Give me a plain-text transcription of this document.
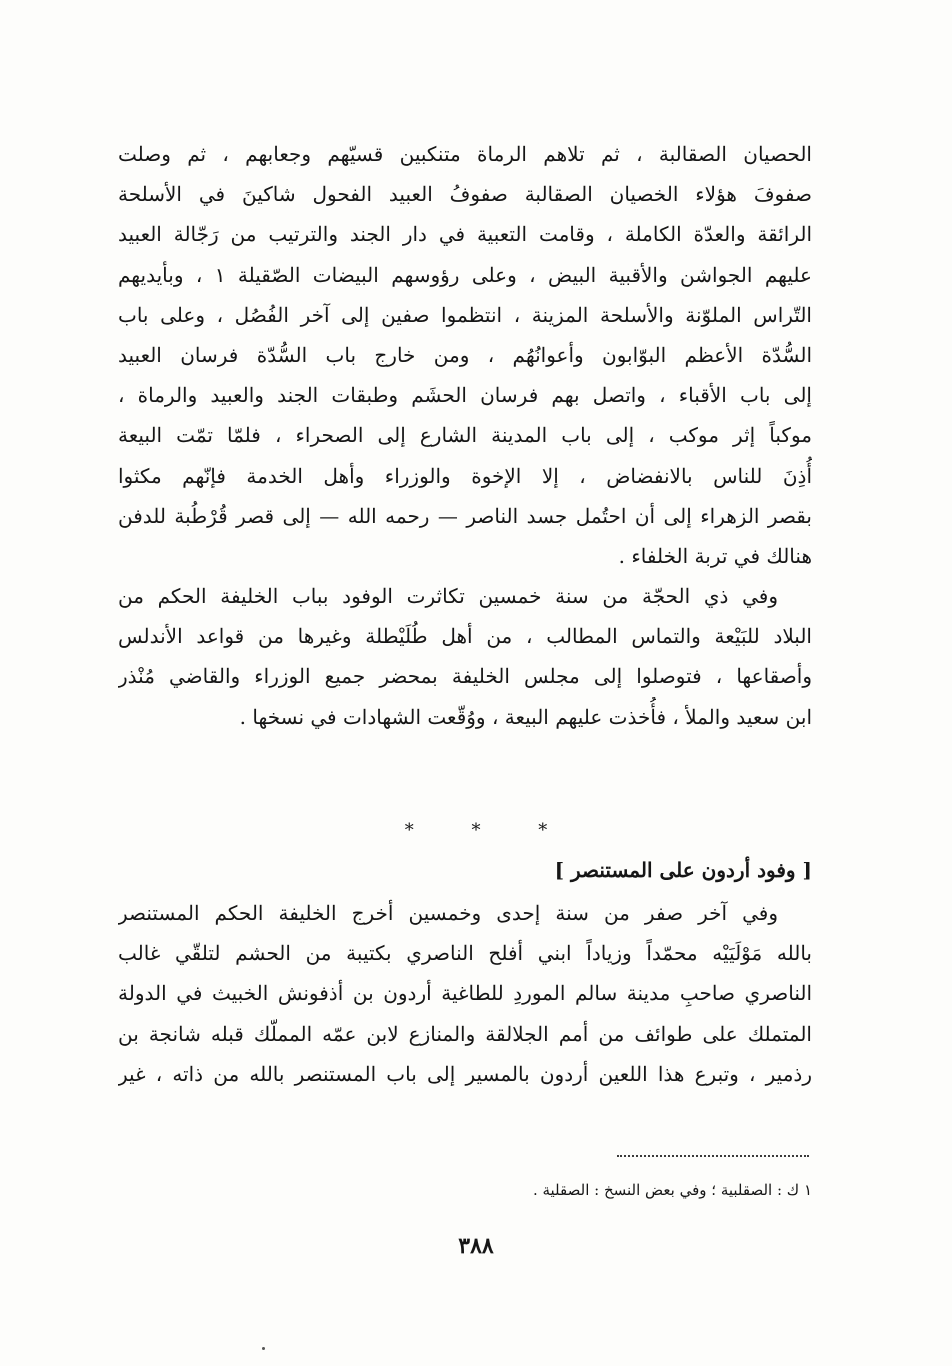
الحصيان الصقالبة ، ثم تلاهم الرماة متنكبين قسيّهم وجعابهم ، ثم وصلت
صفوفَ هؤلاء الخصيان الصقالبة صفوفُ العبيد الفحول شاكينَ في الأسلحة
الرائقة والعدّة الكاملة ، وقامت التعبية في دار الجند والترتيب من رَجّالة العبيد
عليهم الجواشن والأقبية البيض ، وعلى رؤوسهم البيضات الصّقيلة ١ ، وبأيديهم
التّراس الملوّنة والأسلحة المزينة ، انتظموا صفين إلى آخر الفُصُل ، وعلى باب
السُّدّة الأعظم البوّابون وأعوانُهُم ، ومن خارج باب السُّدّة فرسان العبيد
إلى باب الأقباء ، واتصل بهم فرسان الحشَم وطبقات الجند والعبيد والرماة ،
موكباً إثر موكب ، إلى باب المدينة الشارع إلى الصحراء ، فلمّا تمّت البيعة
أُذِنَ للناس بالانفضاض ، إلا الإخوة والوزراء وأهل الخدمة فإنّهم مكثوا
بقصر الزهراء إلى أن احتُمل جسد الناصر — رحمه الله — إلى قصر قُرْطُبة للدفن
هنالك في تربة الخلفاء .
وفي ذي الحجّة من سنة خمسين تكاثرت الوفود بباب الخليفة الحكم من
البلاد للبَيْعة والتماس المطالب ، من أهل طُلَيْطلة وغيرها من قواعد الأندلس
وأصقاعها ، فتوصلوا إلى مجلس الخليفة بمحضر جميع الوزراء والقاضي مُنْذر
ابن سعيد والملأ ، فأُخذت عليهم البيعة ، ووُقّعت الشهادات في نسخها .
* * *
[ وفود أردون على المستنصر ]
وفي آخر صفر من سنة إحدى وخمسين أخرج الخليفة الحكم المستنصر
بالله مَوْلَيَيْه محمّداً وزياداً ابني أفلح الناصري بكتيبة من الحشم لتلقّي غالب
الناصري صاحبِ مدينة سالم الموردِ للطاغية أردون بن أذفونش الخبيث في الدولة
المتملك على طوائف من أمم الجلالقة والمنازع لابن عمّه المملّك قبله شانجة بن
رذمير ، وتبرع هذا اللعين أردون بالمسير إلى باب المستنصر بالله من ذاته ، غير
١ ك : الصقلبية ؛ وفي بعض النسخ : الصقلية .
٣٨٨
